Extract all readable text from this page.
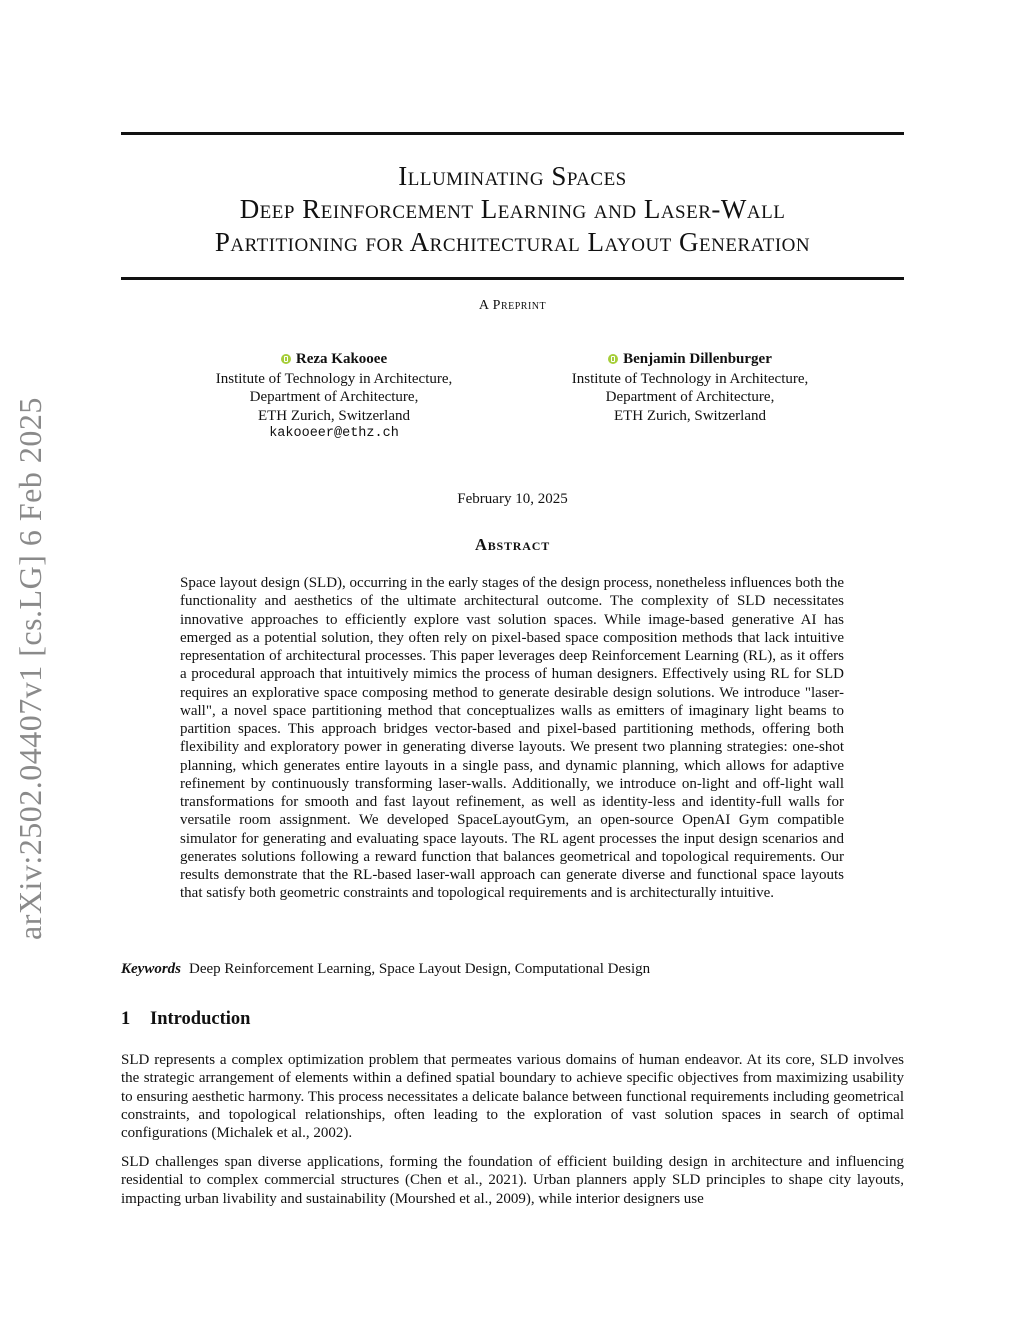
arXiv:2502.04407v1 [cs.LG] 6 Feb 2025
Illuminating Spaces
Deep Reinforcement Learning and Laser-Wall
Partitioning for Architectural Layout Generation
A Preprint
Reza Kakooee
Institute of Technology in Architecture,
Department of Architecture,
ETH Zurich, Switzerland
kakooeer@ethz.ch
Benjamin Dillenburger
Institute of Technology in Architecture,
Department of Architecture,
ETH Zurich, Switzerland
February 10, 2025
Abstract
Space layout design (SLD), occurring in the early stages of the design process, nonetheless influences both the functionality and aesthetics of the ultimate architectural outcome. The complexity of SLD necessitates innovative approaches to efficiently explore vast solution spaces. While image-based generative AI has emerged as a potential solution, they often rely on pixel-based space composition methods that lack intuitive representation of architectural processes. This paper leverages deep Reinforcement Learning (RL), as it offers a procedural approach that intuitively mimics the process of human designers. Effectively using RL for SLD requires an explorative space composing method to generate desirable design solutions. We introduce "laser-wall", a novel space partitioning method that conceptualizes walls as emitters of imaginary light beams to partition spaces. This approach bridges vector-based and pixel-based partitioning methods, offering both flexibility and exploratory power in generating diverse layouts. We present two planning strategies: one-shot planning, which generates entire layouts in a single pass, and dynamic planning, which allows for adaptive refinement by continuously transforming laser-walls. Additionally, we introduce on-light and off-light wall transformations for smooth and fast layout refinement, as well as identity-less and identity-full walls for versatile room assignment. We developed SpaceLayoutGym, an open-source OpenAI Gym compatible simulator for generating and evaluating space layouts. The RL agent processes the input design scenarios and generates solutions following a reward function that balances geometrical and topological requirements. Our results demonstrate that the RL-based laser-wall approach can generate diverse and functional space layouts that satisfy both geometric constraints and topological requirements and is architecturally intuitive.
Keywords Deep Reinforcement Learning, Space Layout Design, Computational Design
1 Introduction
SLD represents a complex optimization problem that permeates various domains of human endeavor. At its core, SLD involves the strategic arrangement of elements within a defined spatial boundary to achieve specific objectives from maximizing usability to ensuring aesthetic harmony. This process necessitates a delicate balance between functional requirements including geometrical constraints, and topological relationships, often leading to the exploration of vast solution spaces in search of optimal configurations (Michalek et al., 2002).
SLD challenges span diverse applications, forming the foundation of efficient building design in architecture and influencing residential to complex commercial structures (Chen et al., 2021). Urban planners apply SLD principles to shape city layouts, impacting urban livability and sustainability (Mourshed et al., 2009), while interior designers use
